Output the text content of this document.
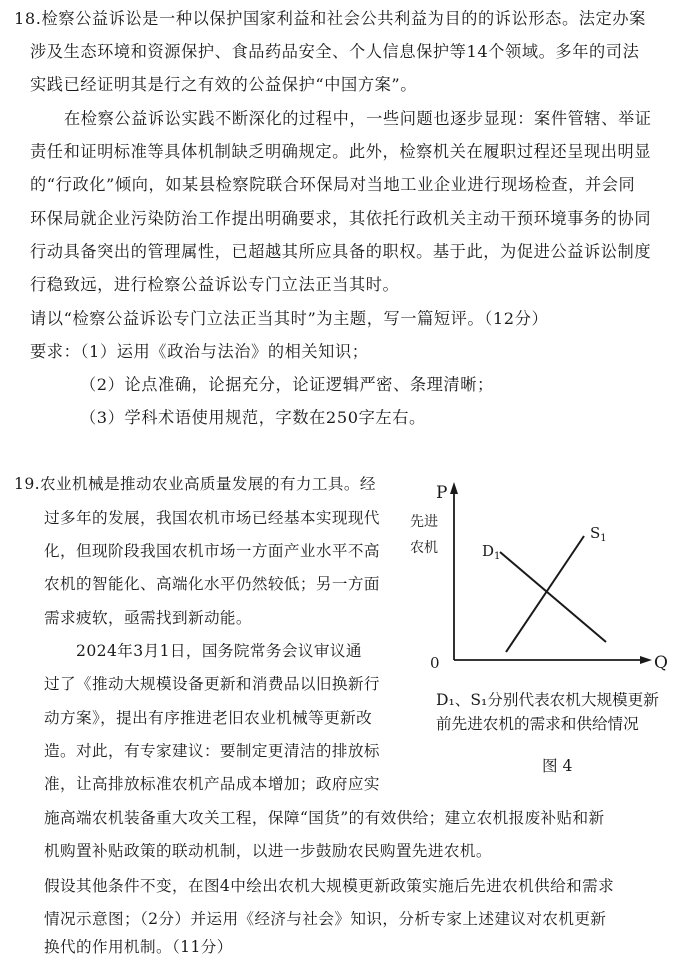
18.检察公益诉讼是一种以保护国家利益和社会公共利益为目的的诉讼形态。法定办案
涉及生态环境和资源保护、食品药品安全、个人信息保护等14个领域。多年的司法
实践已经证明其是行之有效的公益保护“中国方案”。
在检察公益诉讼实践不断深化的过程中，一些问题也逐步显现：案件管辖、举证
责任和证明标准等具体机制缺乏明确规定。此外，检察机关在履职过程还呈现出明显
的“行政化”倾向，如某县检察院联合环保局对当地工业企业进行现场检查，并会同
环保局就企业污染防治工作提出明确要求，其依托行政机关主动干预环境事务的协同
行动具备突出的管理属性，已超越其所应具备的职权。基于此，为促进公益诉讼制度
行稳致远，进行检察公益诉讼专门立法正当其时。
请以“检察公益诉讼专门立法正当其时”为主题，写一篇短评。（12分）
要求：（1）运用《政治与法治》的相关知识；
（2）论点准确，论据充分，论证逻辑严密、条理清晰；
（3）学科术语使用规范，字数在250字左右。
19.农业机械是推动农业高质量发展的有力工具。经
过多年的发展，我国农机市场已经基本实现现代
化，但现阶段我国农机市场一方面产业水平不高
农机的智能化、高端化水平仍然较低；另一方面
需求疲软，亟需找到新动能。
2024年3月1日，国务院常务会议审议通
过了《推动大规模设备更新和消费品以旧换新行
动方案》，提出有序推进老旧农业机械等更新改
造。对此，有专家建议：要制定更清洁的排放标
准，让高排放标准农机产品成本增加；政府应实
施高端农机装备重大攻关工程，保障“国货”的有效供给；建立农机报废补贴和新
机购置补贴政策的联动机制，以进一步鼓励农民购置先进农机。
假设其他条件不变，在图4中绘出农机大规模更新政策实施后先进农机供给和需求
情况示意图；（2分）并运用《经济与社会》知识，分析专家上述建议对农机更新
换代的作用机制。（11分）
P
先进
农机
Q
0
$D_1$
$S_1$
D₁、S₁分别代表农机大规模更新
前先进农机的需求和供给情况
图 4
